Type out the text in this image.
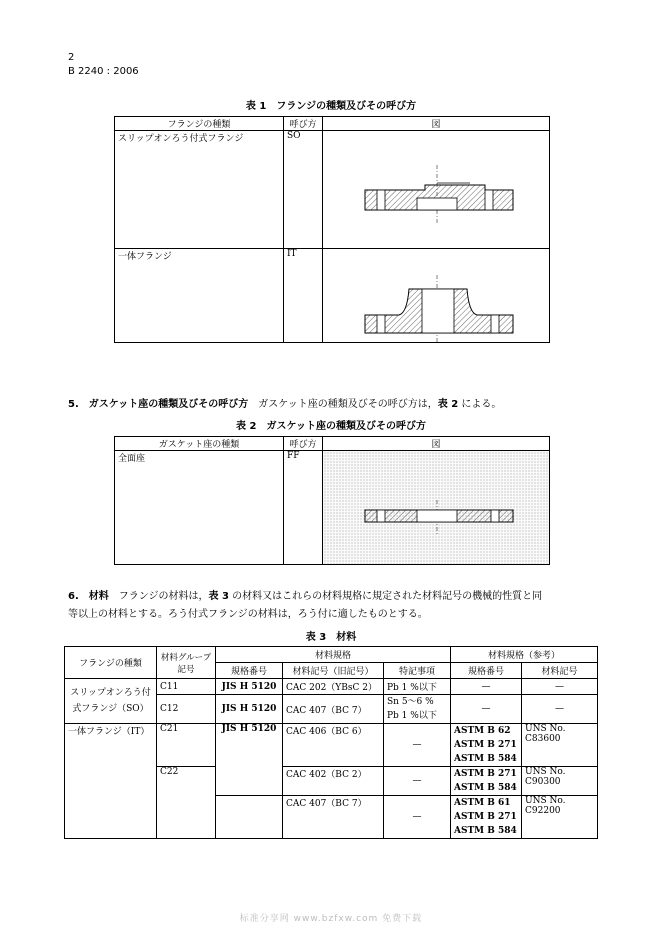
2
B 2240 : 2006
表 1　フランジの種類及びその呼び方
フランジの種類	呼び方	図
スリップオンろう付式フランジ	SO	
一体フランジ	IT	
5.  ガスケット座の種類及びその呼び方  ガスケット座の種類及びその呼び方は，表 2 による。
表 2　ガスケット座の種類及びその呼び方
ガスケット座の種類	呼び方	図
全面座	FF	
6.  材料  フランジの材料は，表 3 の材料又はこれらの材料規格に規定された材料記号の機械的性質と同
等以上の材料とする。ろう付式フランジの材料は，ろう付に適したものとする。
表 3　材料
フランジの種類	材料グループ記号	材料規格			材料規格（参考）	
		規格番号	材料記号（旧記号）	特記事項	規格番号	材料記号
スリップオンろう付式フランジ（SO）	C11	JIS H 5120	CAC 202（YBsC 2）	Pb 1 %以下	—	—
	C12	JIS H 5120	CAC 407（BC 7）	Sn 5～6 %
Pb 1 %以下	—	—
一体フランジ（IT）	C21	JIS H 5120	CAC 406（BC 6）	—	ASTM B 62
ASTM B 271
ASTM B 584	UNS No. C83600
	C22		CAC 402（BC 2）	—	ASTM B 271
ASTM B 584	UNS No. C90300
			CAC 407（BC 7）	—	ASTM B 61
ASTM B 271
ASTM B 584	UNS No. C92200
标准分享网 www.bzfxw.com 免费下载
